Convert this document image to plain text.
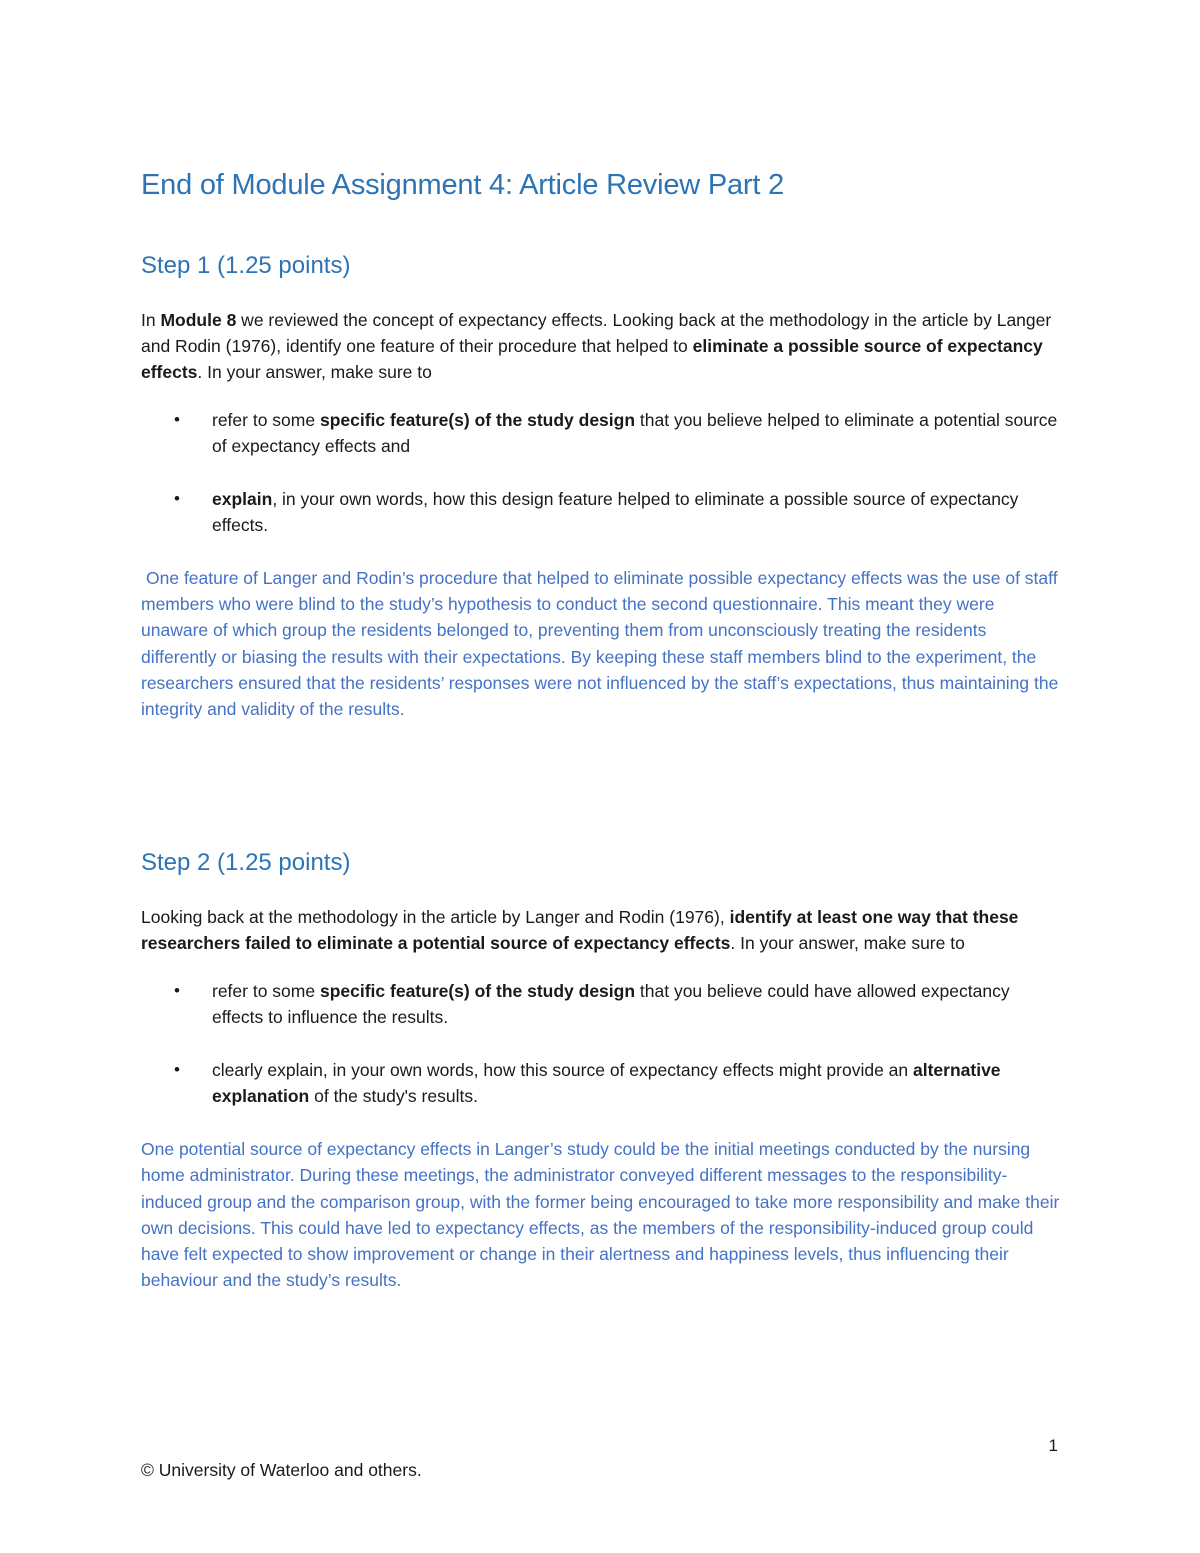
End of Module Assignment 4: Article Review Part 2
Step 1 (1.25 points)

In Module 8 we reviewed the concept of expectancy effects. Looking back at the methodology in the article by Langer and Rodin (1976), identify one feature of their procedure that helped to eliminate a possible source of expectancy effects. In your answer, make sure to

• refer to some specific feature(s) of the study design that you believe helped to eliminate a potential source of expectancy effects and
• explain, in your own words, how this design feature helped to eliminate a possible source of expectancy effects.

One feature of Langer and Rodin’s procedure that helped to eliminate possible expectancy effects was the use of staff members who were blind to the study’s hypothesis to conduct the second questionnaire. This meant they were unaware of which group the residents belonged to, preventing them from unconsciously treating the residents differently or biasing the results with their expectations. By keeping these staff members blind to the experiment, the researchers ensured that the residents’ responses were not influenced by the staff’s expectations, thus maintaining the integrity and validity of the results.

Step 2 (1.25 points)

Looking back at the methodology in the article by Langer and Rodin (1976), identify at least one way that these researchers failed to eliminate a potential source of expectancy effects. In your answer, make sure to

• refer to some specific feature(s) of the study design that you believe could have allowed expectancy effects to influence the results.
• clearly explain, in your own words, how this source of expectancy effects might provide an alternative explanation of the study's results.

One potential source of expectancy effects in Langer’s study could be the initial meetings conducted by the nursing home administrator. During these meetings, the administrator conveyed different messages to the responsibility-induced group and the comparison group, with the former being encouraged to take more responsibility and make their own decisions. This could have led to expectancy effects, as the members of the responsibility-induced group could have felt expected to show improvement or change in their alertness and happiness levels, thus influencing their behaviour and the study’s results.

1
© University of Waterloo and others.
